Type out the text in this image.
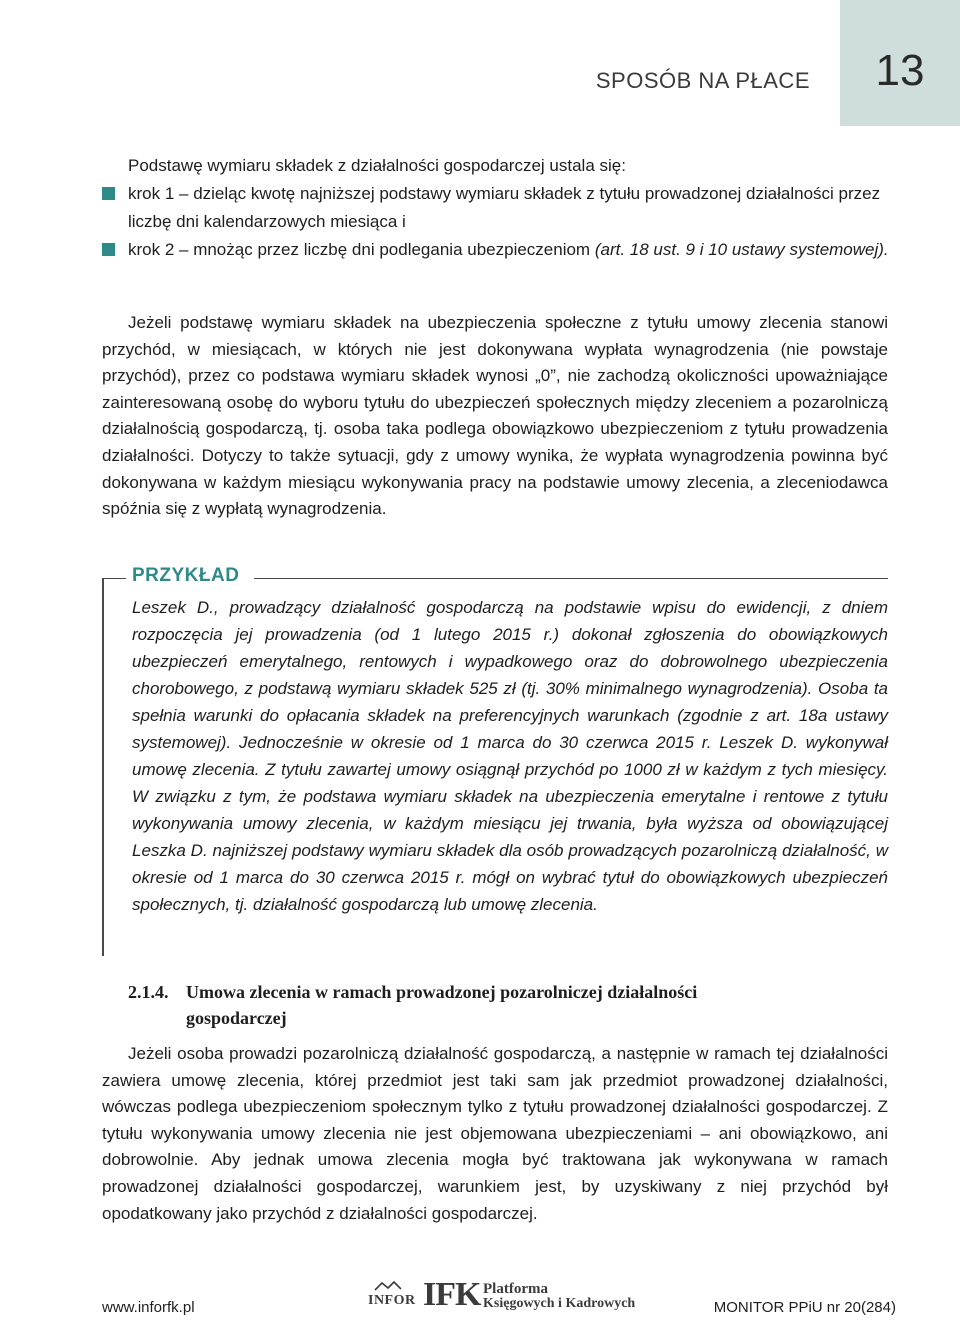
13
SPOSÓB NA PŁACE
Podstawę wymiaru składek z działalności gospodarczej ustala się:
krok 1 – dzieląc kwotę najniższej podstawy wymiaru składek z tytułu prowadzonej działalności przez liczbę dni kalendarzowych miesiąca i
krok 2 – mnożąc przez liczbę dni podlegania ubezpieczeniom (art. 18 ust. 9 i 10 ustawy systemowej).

Jeżeli podstawę wymiaru składek na ubezpieczenia społeczne z tytułu umowy zlecenia stanowi przychód, w miesiącach, w których nie jest dokonywana wypłata wynagrodzenia (nie powstaje przychód), przez co podstawa wymiaru składek wynosi „0”, nie zachodzą okoliczności upoważniające zainteresowaną osobę do wyboru tytułu do ubezpieczeń społecznych między zleceniem a pozarolniczą działalnością gospodarczą, tj. osoba taka podlega obowiązkowo ubezpieczeniom z tytułu prowadzenia działalności. Dotyczy to także sytuacji, gdy z umowy wynika, że wypłata wynagrodzenia powinna być dokonywana w każdym miesiącu wykonywania pracy na podstawie umowy zlecenia, a zleceniodawca spóźnia się z wypłatą wynagrodzenia.

PRZYKŁAD

Leszek D., prowadzący działalność gospodarczą na podstawie wpisu do ewidencji, z dniem rozpoczęcia jej prowadzenia (od 1 lutego 2015 r.) dokonał zgłoszenia do obowiązkowych ubezpieczeń emerytalnego, rentowych i wypadkowego oraz do dobrowolnego ubezpieczenia chorobowego, z podstawą wymiaru składek 525 zł (tj. 30% minimalnego wynagrodzenia). Osoba ta spełnia warunki do opłacania składek na preferencyjnych warunkach (zgodnie z art. 18a ustawy systemowej). Jednocześnie w okresie od 1 marca do 30 czerwca 2015 r. Leszek D. wykonywał umowę zlecenia. Z tytułu zawartej umowy osiągnął przychód po 1000 zł w każdym z tych miesięcy. W związku z tym, że podstawa wymiaru składek na ubezpieczenia emerytalne i rentowe z tytułu wykonywania umowy zlecenia, w każdym miesiącu jej trwania, była wyższa od obowiązującej Leszka D. najniższej podstawy wymiaru składek dla osób prowadzących pozarolniczą działalność, w okresie od 1 marca do 30 czerwca 2015 r. mógł on wybrać tytuł do obowiązkowych ubezpieczeń społecznych, tj. działalność gospodarczą lub umowę zlecenia.

2.1.4. Umowa zlecenia w ramach prowadzonej pozarolniczej działalności
gospodarczej

Jeżeli osoba prowadzi pozarolniczą działalność gospodarczą, a następnie w ramach tej działalności zawiera umowę zlecenia, której przedmiot jest taki sam jak przedmiot prowadzonej działalności, wówczas podlega ubezpieczeniom społecznym tylko z tytułu prowadzonej działalności gospodarczej. Z tytułu wykonywania umowy zlecenia nie jest objemowana ubezpieczeniami – ani obowiązkowo, ani dobrowolnie. Aby jednak umowa zlecenia mogła być traktowana jak wykonywana w ramach prowadzonej działalności gospodarczej, warunkiem jest, by uzyskiwany z niej przychód był opodatkowany jako przychód z działalności gospodarczej.

www.inforfk.pl	INFOR IFK Platforma
Księgowych i Kadrowych	MONITOR PPiU nr 20(284)
